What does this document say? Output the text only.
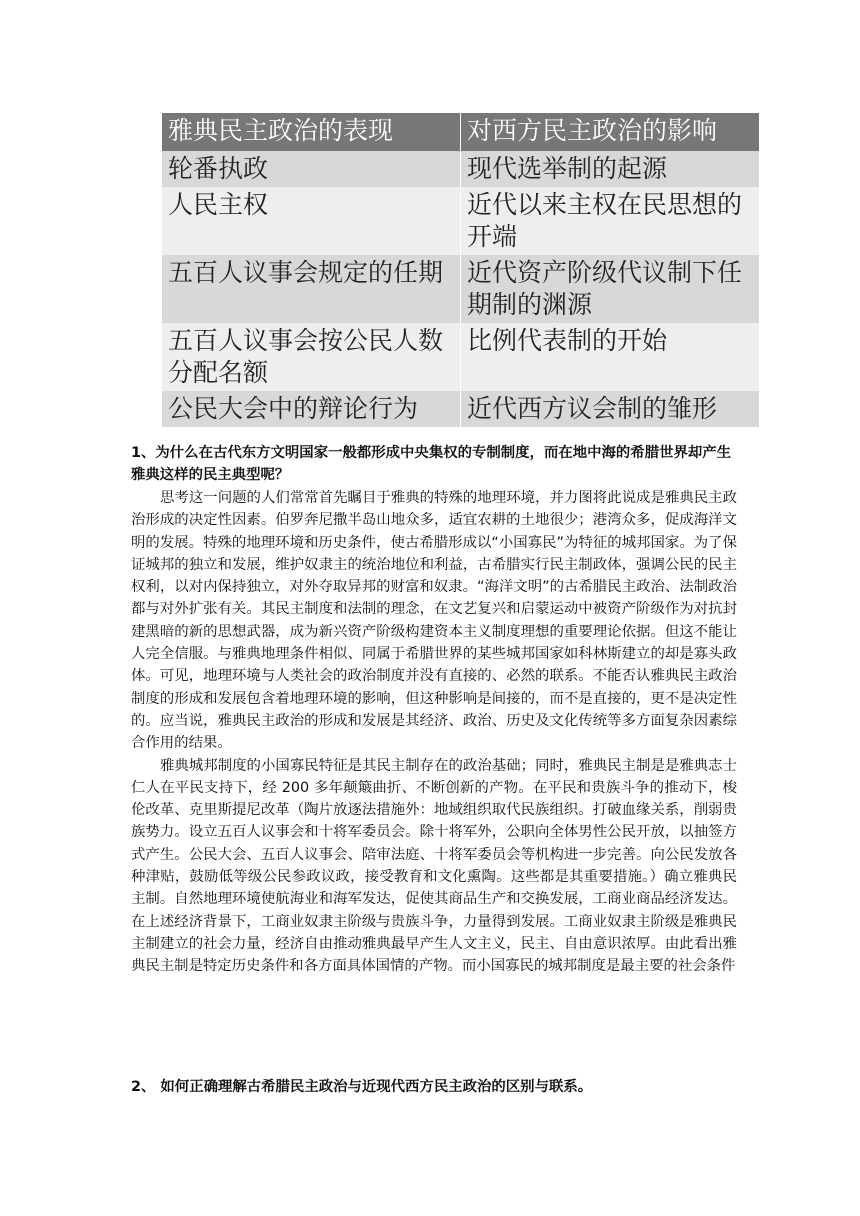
雅典民主政治的表现	对西方民主政治的影响
轮番执政	现代选举制的起源
人民主权	近代以来主权在民思想的开端
五百人议事会规定的任期	近代资产阶级代议制下任期制的渊源
五百人议事会按公民人数分配名额	比例代表制的开始
公民大会中的辩论行为	近代西方议会制的雏形
1、为什么在古代东方文明国家一般都形成中央集权的专制制度，而在地中海的希腊世界却产生雅典这样的民主典型呢？

思考这一问题的人们常常首先瞩目于雅典的特殊的地理环境，并力图将此说成是雅典民主政治形成的决定性因素。伯罗奔尼撒半岛山地众多，适宜农耕的土地很少；港湾众多，促成海洋文明的发展。特殊的地理环境和历史条件，使古希腊形成以“小国寡民”为特征的城邦国家。为了保证城邦的独立和发展，维护奴隶主的统治地位和利益，古希腊实行民主制政体，强调公民的民主权利，以对内保持独立，对外夺取异邦的财富和奴隶。“海洋文明”的古希腊民主政治、法制政治都与对外扩张有关。其民主制度和法制的理念，在文艺复兴和启蒙运动中被资产阶级作为对抗封建黑暗的新的思想武器，成为新兴资产阶级构建资本主义制度理想的重要理论依据。但这不能让人完全信服。与雅典地理条件相似、同属于希腊世界的某些城邦国家如科林斯建立的却是寡头政体。可见，地理环境与人类社会的政治制度并没有直接的、必然的联系。不能否认雅典民主政治制度的形成和发展包含着地理环境的影响，但这种影响是间接的，而不是直接的，更不是决定性的。应当说，雅典民主政治的形成和发展是其经济、政治、历史及文化传统等多方面复杂因素综合作用的结果。

雅典城邦制度的小国寡民特征是其民主制存在的政治基础；同时，雅典民主制是是雅典志士仁人在平民支持下，经 200 多年颠簸曲折、不断创新的产物。在平民和贵族斗争的推动下，梭伦改革、克里斯提尼改革（陶片放逐法措施外：地域组织取代民族组织。打破血缘关系，削弱贵族势力。设立五百人议事会和十将军委员会。除十将军外，公职向全体男性公民开放，以抽签方式产生。公民大会、五百人议事会、陪审法庭、十将军委员会等机构进一步完善。向公民发放各种津贴，鼓励低等级公民参政议政，接受教育和文化熏陶。这些都是其重要措施。）确立雅典民主制。自然地理环境使航海业和海军发达，促使其商品生产和交换发展，工商业商品经济发达。在上述经济背景下，工商业奴隶主阶级与贵族斗争，力量得到发展。工商业奴隶主阶级是雅典民主制建立的社会力量，经济自由推动雅典最早产生人文主义，民主、自由意识浓厚。由此看出雅典民主制是特定历史条件和各方面具体国情的产物。而小国寡民的城邦制度是最主要的社会条件

2、 如何正确理解古希腊民主政治与近现代西方民主政治的区别与联系。
